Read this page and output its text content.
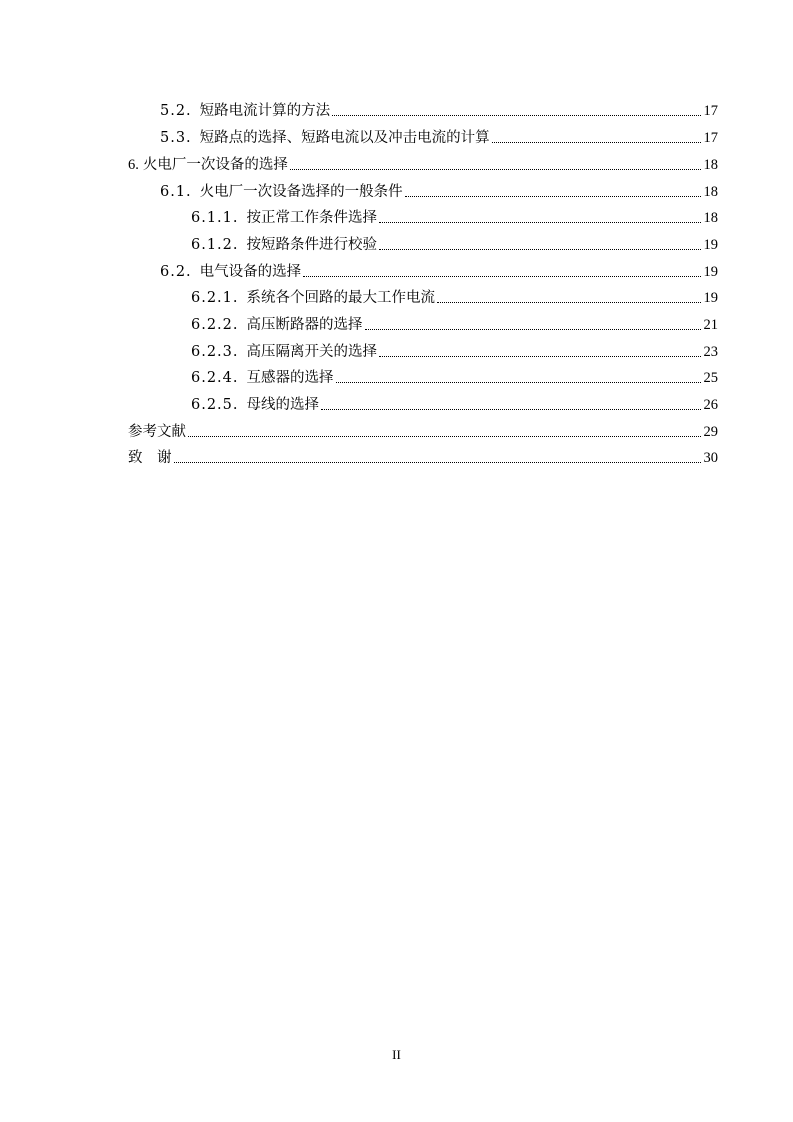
5.2. 短路电流计算的方法	17
5.3. 短路点的选择、短路电流以及冲击电流的计算	17
6. 火电厂一次设备的选择	18
6.1. 火电厂一次设备选择的一般条件	18
6.1.1. 按正常工作条件选择	18
6.1.2. 按短路条件进行校验	19
6.2. 电气设备的选择	19
6.2.1. 系统各个回路的最大工作电流	19
6.2.2. 高压断路器的选择	21
6.2.3. 高压隔离开关的选择	23
6.2.4. 互感器的选择	25
6.2.5. 母线的选择	26
参考文献	29
致　谢	30
II
